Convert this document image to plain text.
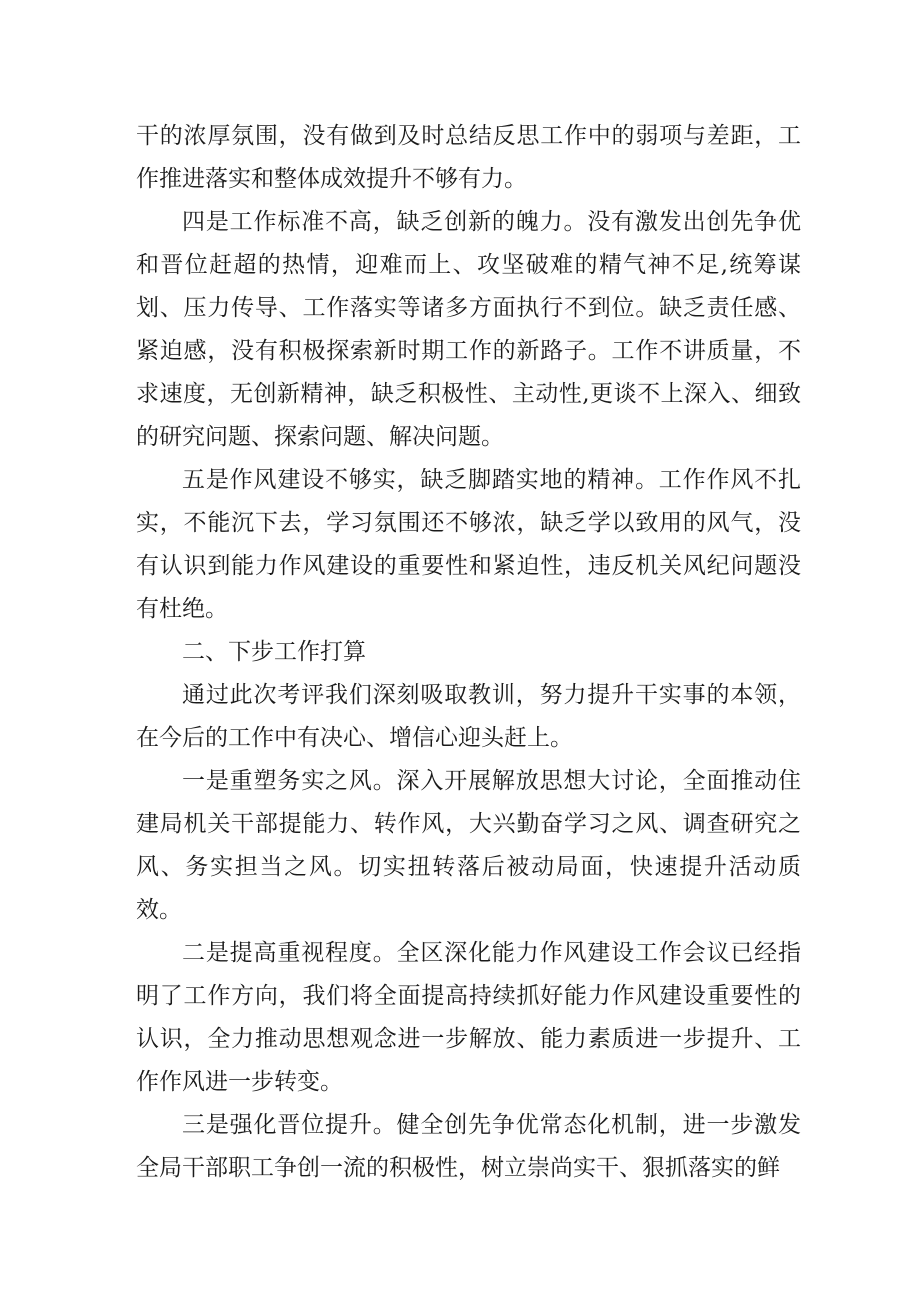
干的浓厚氛围，没有做到及时总结反思工作中的弱项与差距，工作推进落实和整体成效提升不够有力。

四是工作标准不高，缺乏创新的魄力。没有激发出创先争优和晋位赶超的热情，迎难而上、攻坚破难的精气神不足,统筹谋划、压力传导、工作落实等诸多方面执行不到位。缺乏责任感、紧迫感，没有积极探索新时期工作的新路子。工作不讲质量，不求速度，无创新精神，缺乏积极性、主动性,更谈不上深入、细致的研究问题、探索问题、解决问题。

五是作风建设不够实，缺乏脚踏实地的精神。工作作风不扎实，不能沉下去，学习氛围还不够浓，缺乏学以致用的风气，没有认识到能力作风建设的重要性和紧迫性，违反机关风纪问题没有杜绝。

二、下步工作打算

通过此次考评我们深刻吸取教训，努力提升干实事的本领，在今后的工作中有决心、增信心迎头赶上。

一是重塑务实之风。深入开展解放思想大讨论，全面推动住建局机关干部提能力、转作风，大兴勤奋学习之风、调查研究之风、务实担当之风。切实扭转落后被动局面，快速提升活动质效。

二是提高重视程度。全区深化能力作风建设工作会议已经指明了工作方向，我们将全面提高持续抓好能力作风建设重要性的认识，全力推动思想观念进一步解放、能力素质进一步提升、工作作风进一步转变。

三是强化晋位提升。健全创先争优常态化机制，进一步激发全局干部职工争创一流的积极性，树立崇尚实干、狠抓落实的鲜
